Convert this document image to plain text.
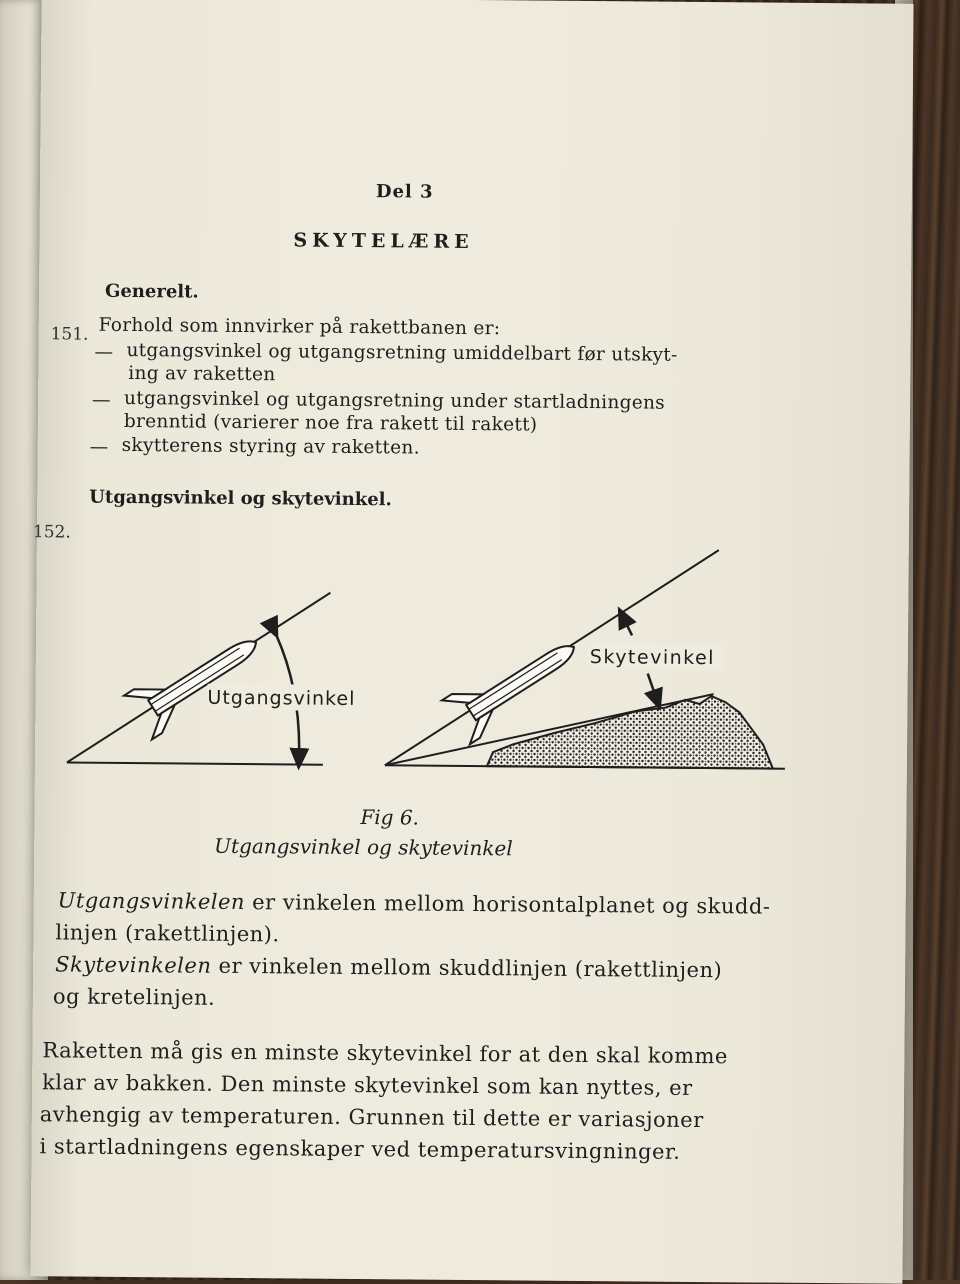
Del 3
SKYTELÆRE
Generelt.
151. Forhold som innvirker på rakettbanen er:
— utgangsvinkel og utgangsretning umiddelbart før utskyt-
ing av raketten
— utgangsvinkel og utgangsretning under startladningens
brenntid (varierer noe fra rakett til rakett)
— skytterens styring av raketten.
Utgangsvinkel og skytevinkel.
152.
Utgangsvinkel
Skytevinkel
Fig 6.
Utgangsvinkel og skytevinkel
Utgangsvinkelen er vinkelen mellom horisontalplanet og skudd-
linjen (rakettlinjen).
Skytevinkelen er vinkelen mellom skuddlinjen (rakettlinjen)
og kretelinjen.
Raketten må gis en minste skytevinkel for at den skal komme
klar av bakken. Den minste skytevinkel som kan nyttes, er
avhengig av temperaturen. Grunnen til dette er variasjoner
i startladningens egenskaper ved temperatursvingninger.
